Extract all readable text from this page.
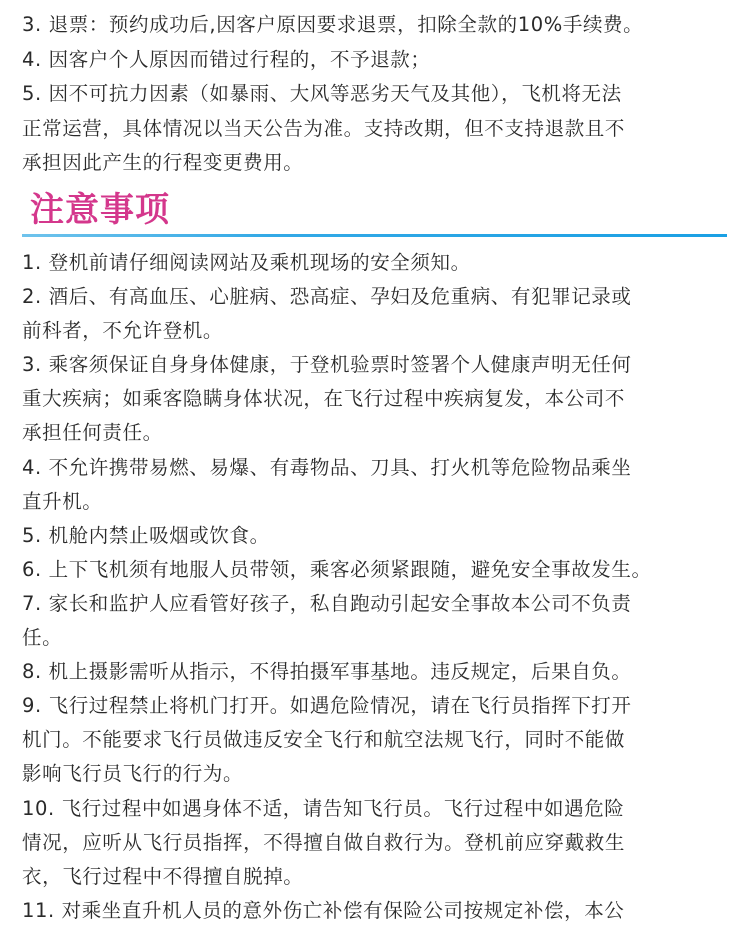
3. 退票：预约成功后,因客户原因要求退票，扣除全款的10%手续费。
4. 因客户个人原因而错过行程的，不予退款；
5. 因不可抗力因素（如暴雨、大风等恶劣天气及其他），飞机将无法
正常运营，具体情况以当天公告为准。支持改期，但不支持退款且不
承担因此产生的行程变更费用。
注意事项
1. 登机前请仔细阅读网站及乘机现场的安全须知。
2. 酒后、有高血压、心脏病、恐高症、孕妇及危重病、有犯罪记录或
前科者，不允许登机。
3. 乘客须保证自身身体健康，于登机验票时签署个人健康声明无任何
重大疾病；如乘客隐瞒身体状况，在飞行过程中疾病复发，本公司不
承担任何责任。
4. 不允许携带易燃、易爆、有毒物品、刀具、打火机等危险物品乘坐
直升机。
5. 机舱内禁止吸烟或饮食。
6. 上下飞机须有地服人员带领，乘客必须紧跟随，避免安全事故发生。
7. 家长和监护人应看管好孩子，私自跑动引起安全事故本公司不负责
任。
8. 机上摄影需听从指示，不得拍摄军事基地。违反规定，后果自负。
9. 飞行过程禁止将机门打开。如遇危险情况，请在飞行员指挥下打开
机门。不能要求飞行员做违反安全飞行和航空法规飞行，同时不能做
影响飞行员飞行的行为。
10. 飞行过程中如遇身体不适，请告知飞行员。飞行过程中如遇危险
情况，应听从飞行员指挥，不得擅自做自救行为。登机前应穿戴救生
衣，飞行过程中不得擅自脱掉。
11. 对乘坐直升机人员的意外伤亡补偿有保险公司按规定补偿，本公
